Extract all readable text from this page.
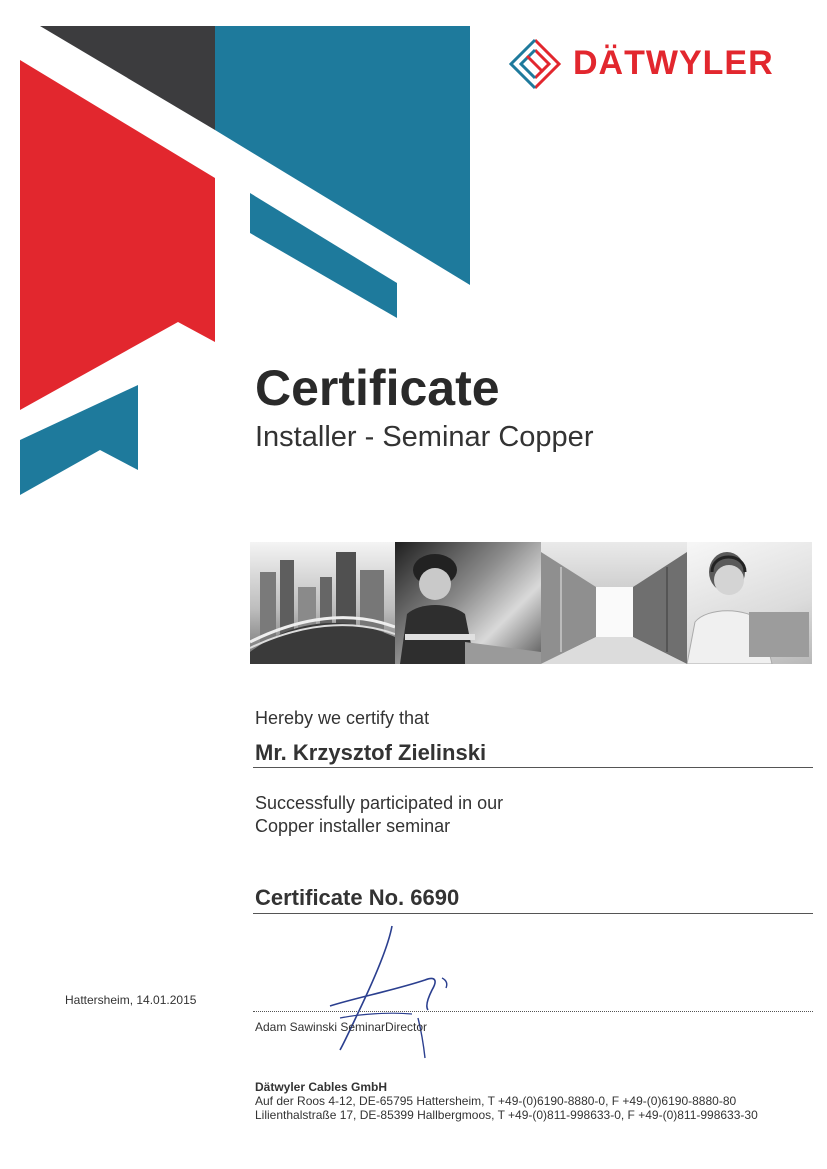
DÄTWYLER
Certificate
Installer - Seminar Copper
Hereby we certify that
Mr. Krzysztof Zielinski
Successfully participated in our
Copper installer seminar
Certificate No. 6690
Hattersheim, 14.01.2015
Adam Sawinski SeminarDirector
Dätwyler Cables GmbH
Auf der Roos 4-12, DE-65795 Hattersheim, T +49-(0)6190-8880-0, F +49-(0)6190-8880-80
Lilienthalstraße 17, DE-85399 Hallbergmoos, T +49-(0)811-998633-0, F +49-(0)811-998633-30
